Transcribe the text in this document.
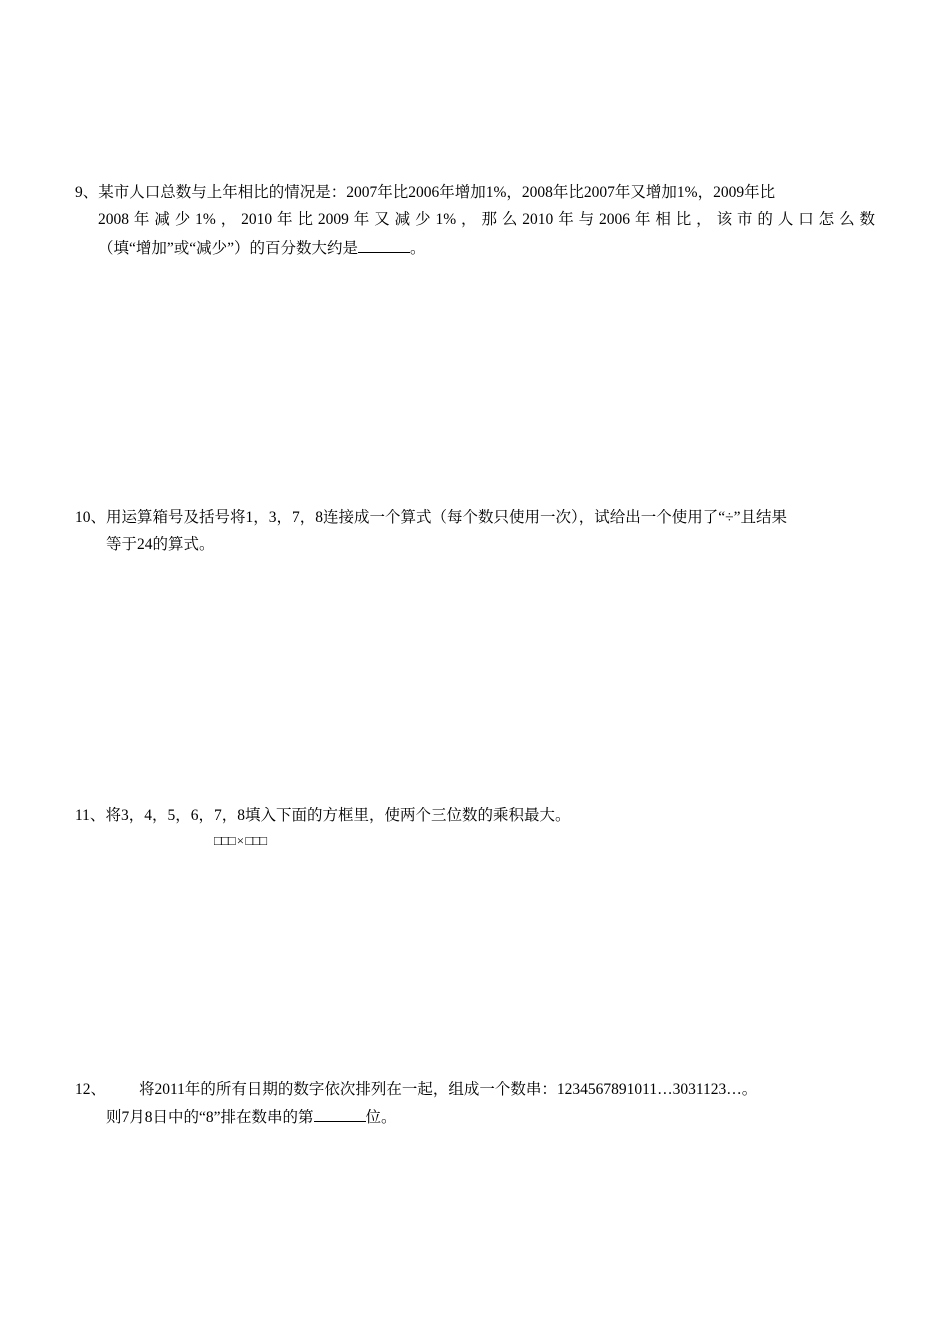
9、某市人口总数与上年相比的情况是：2007年比2006年增加1%，2008年比2007年又增加1%，2009年比
2008年减少1%，2010年比2009年又减少1%，那么2010年与2006年相比，该市的人口怎么数
（填“增加”或“减少”）的百分数大约是	。
10、用运算箱号及括号将1，3，7，8连接成一个算式（每个数只使用一次），试给出一个使用了“÷”且结果
等于24的算式。
11、将3，4，5，6，7，8填入下面的方框里，使两个三位数的乘积最大。
□□□ × □□□
12、 将2011年的所有日期的数字依次排列在一起，组成一个数串：1234567891011…3031123…。
则7月8日中的“8”排在数串的第	位。
